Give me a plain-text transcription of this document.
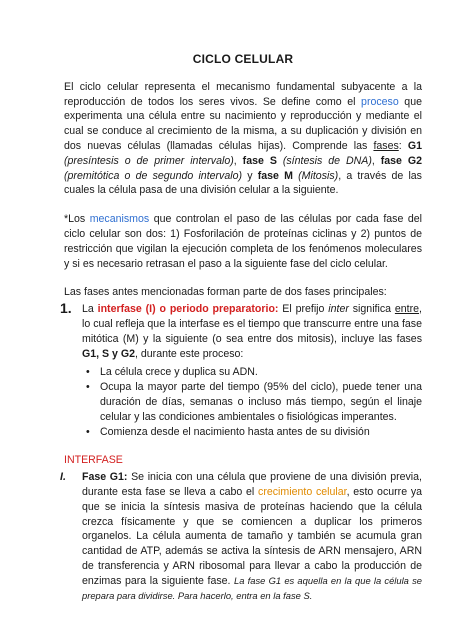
CICLO CELULAR

El ciclo celular representa el mecanismo fundamental subyacente a la reproducción de todos los seres vivos. Se define como el proceso que experimenta una célula entre su nacimiento y reproducción y mediante el cual se conduce al crecimiento de la misma, a su duplicación y división en dos nuevas células (llamadas células hijas). Comprende las fases: G1 (presíntesis o de primer intervalo), fase S (síntesis de DNA), fase G2 (premitótica o de segundo intervalo) y fase M (Mitosis), a través de las cuales la célula pasa de una división celular a la siguiente.

*Los mecanismos que controlan el paso de las células por cada fase del ciclo celular son dos: 1) Fosforilación de proteínas ciclinas y 2) puntos de restricción que vigilan la ejecución completa de los fenómenos moleculares y si es necesario retrasan el paso a la siguiente fase del ciclo celular.

Las fases antes mencionadas forman parte de dos fases principales:

1. La interfase (I) o periodo preparatorio: El prefijo inter significa entre, lo cual refleja que la interfase es el tiempo que transcurre entre una fase mitótica (M) y la siguiente (o sea entre dos mitosis), incluye las fases G1, S y G2, durante este proceso:

• La célula crece y duplica su ADN.
• Ocupa la mayor parte del tiempo (95% del ciclo), puede tener una duración de días, semanas o incluso más tiempo, según el linaje celular y las condiciones ambientales o fisiológicas imperantes.
• Comienza desde el nacimiento hasta antes de su división
INTERFASE

I. Fase G1: Se inicia con una célula que proviene de una división previa, durante esta fase se lleva a cabo el crecimiento celular, esto ocurre ya que se inicia la síntesis masiva de proteínas haciendo que la célula crezca físicamente y que se comiencen a duplicar los primeros organelos. La célula aumenta de tamaño y también se acumula gran cantidad de ATP, además se activa la síntesis de ARN mensajero, ARN de transferencia y ARN ribosomal para llevar a cabo la producción de enzimas para la siguiente fase. La fase G1 es aquella en la que la célula se prepara para dividirse. Para hacerlo, entra en la fase S.
